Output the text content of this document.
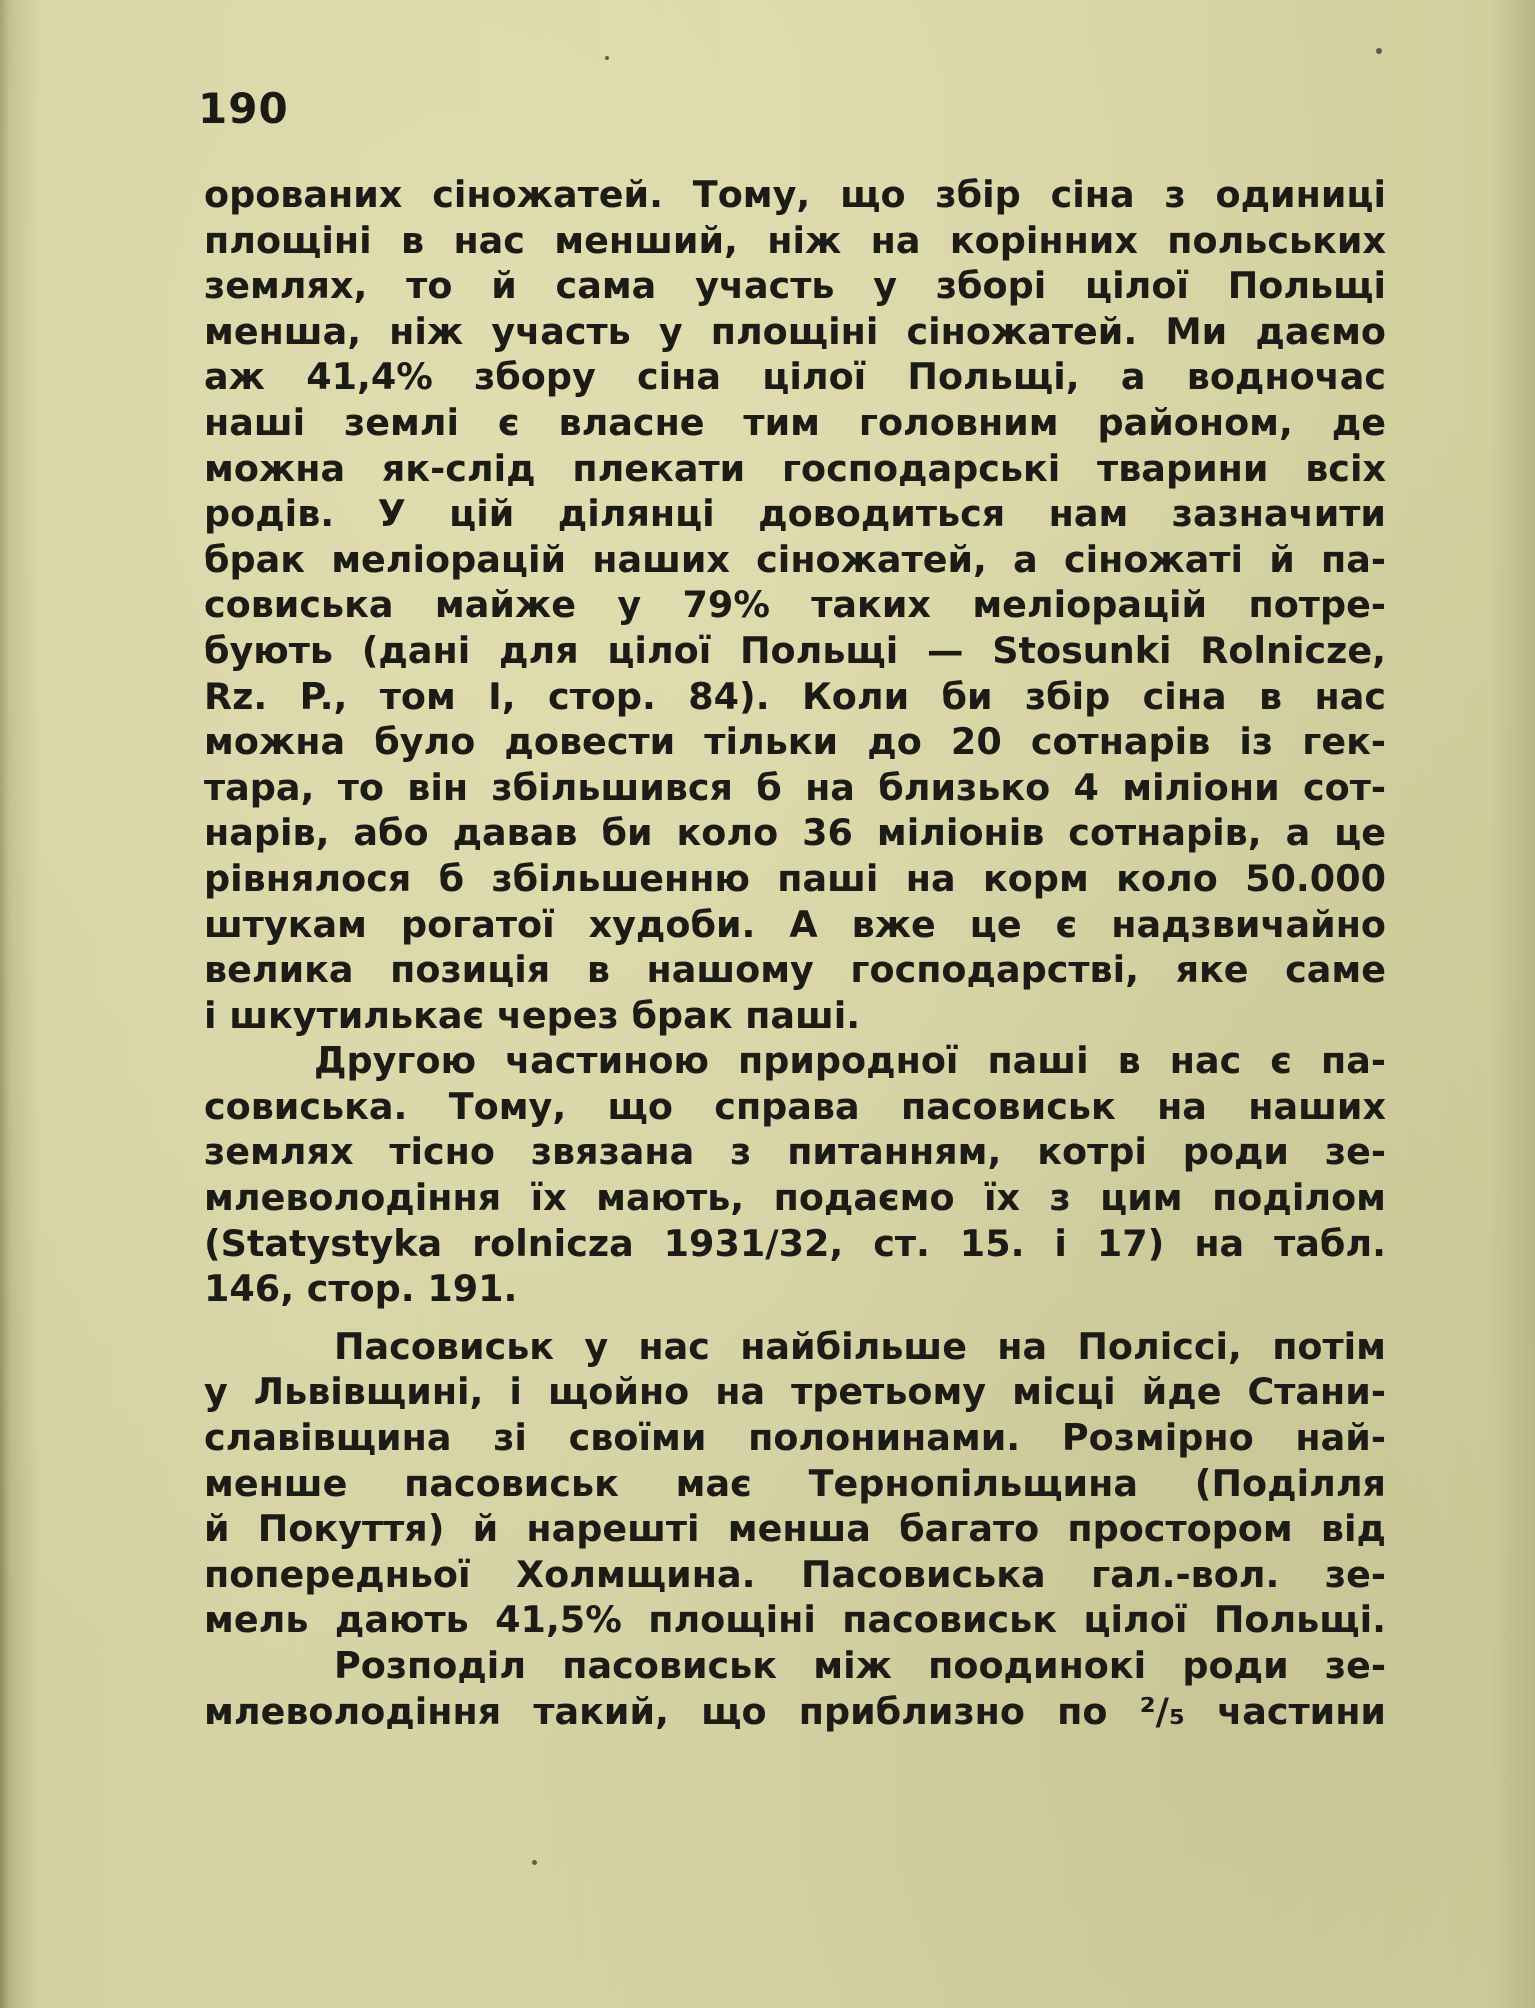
190
орованих сіножатей. Тому, що збір сіна з одиниці
площіні в нас менший, ніж на корінних польських
землях, то й сама участь у зборі цілої Польщі
менша, ніж участь у площіні сіножатей. Ми даємо
аж 41,4% збору сіна цілої Польщі, а водночас
наші землі є власне тим головним районом, де
можна як-слід плекати господарські тварини всіх
родів. У цій ділянці доводиться нам зазначити
брак меліорацій наших сіножатей, а сіножаті й па-
совиська майже у 79% таких меліорацій потре-
бують (дані для цілої Польщі — Stosunki Rolnicze,
Rz. P., том І, стор. 84). Коли би збір сіна в нас
можна було довести тільки до 20 сотнарів із гек-
тара, то він збільшився б на близько 4 міліони сот-
нарів, або давав би коло 36 міліонів сотнарів, а це
рівнялося б збільшенню паші на корм коло 50.000
штукам рогатої худоби. А вже це є надзвичайно
велика позиція в нашому господарстві, яке саме
і шкутилькає через брак паші.
Другою частиною природної паші в нас є па-
совиська. Тому, що справа пасовиськ на наших
землях тісно звязана з питанням, котрі роди зе-
млеволодіння їх мають, подаємо їх з цим поділом
(Statystyka rolnicza 1931/32, ст. 15. і 17) на табл.
146, стор. 191.
Пасовиськ у нас найбільше на Поліссі, потім
у Львівщині, і щойно на третьому місці йде Стани-
славівщина зі своїми полонинами. Розмірно най-
менше пасовиськ має Тернопільщина (Поділля
й Покуття) й нарешті менша багато простором від
попередньої Холмщина. Пасовиська гал.-вол. зе-
мель дають 41,5% площіні пасовиськ цілої Польщі.
Розподіл пасовиськ між поодинокі роди зе-
млеволодіння такий, що приблизно по ²/₅ частини
